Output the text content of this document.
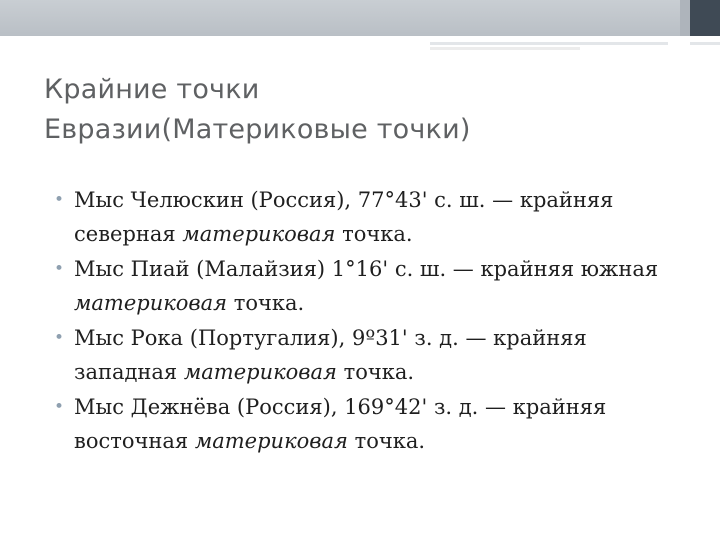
Крайние точки
Евразии(Материковые точки)
• Мыс Челюскин (Россия), 77°43' с. ш. — крайняя северная материковая точка.
• Мыс Пиай (Малайзия) 1°16' с. ш. — крайняя южная материковая точка.
• Мыс Рока (Португалия), 9º31' з. д. — крайняя западная материковая точка.
• Мыс Дежнёва (Россия), 169°42' з. д. — крайняя восточная материковая точка.
